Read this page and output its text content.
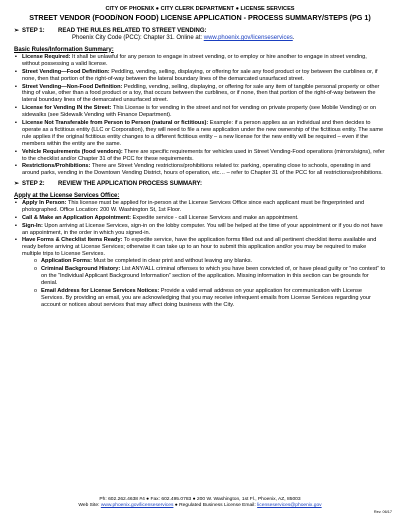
CITY OF PHOENIX ● CITY CLERK DEPARTMENT ● LICENSE SERVICES
STREET VENDOR (FOOD/NON FOOD) LICENSE APPLICATION - PROCESS SUMMARY/STEPS (PG 1)
➢ STEP 1: READ THE RULES RELATED TO STREET VENDING:
Phoenix City Code (PCC): Chapter 31. Online at: www.phoenix.gov/licenseservices.
Basic Rules/Information Summary:
▪ License Required: It shall be unlawful for any person to engage in street vending, or to employ or hire another to engage in street vending, without possessing a valid license.
▪ Street Vending—Food Definition: Peddling, vending, selling, displaying, or offering for sale any food product or toy between the curblines or, if none, then that portion of the right-of-way between the lateral boundary lines of the demarcated unsurfaced street.
▪ Street Vending—Non-Food Definition: Peddling, vending, selling, displaying, or offering for sale any item of tangible personal property or other thing of value, other than a food product or a toy, that occurs between the curblines, or if none, then that portion of the right-of-way between the lateral boundary lines of the demarcated unsurfaced street.
▪ License for Vending IN the Street: This License is for vending in the street and not for vending on private property (see Mobile Vending) or on sidewalks (see Sidewalk Vending with Finance Department).
▪ License Not Transferable from Person to Person (natural or fictitious): Example: if a person applies as an individual and then decides to operate as a fictitious entity (LLC or Corporation), they will need to file a new application under the new ownership of the fictitious entity. The same rule applies if the original fictitious entity changes to a different fictitious entity – a new license for the new entity will be required – even if the members within the entity are the same.
▪ Vehicle Requirements (food vendors): There are specific requirements for vehicles used in Street Vending-Food operations (mirrors/signs), refer to the checklist and/or Chapter 31 of the PCC for these requirements.
▪ Restrictions/Prohibitions: There are Street Vending restrictions/prohibitions related to: parking, operating close to schools, operating in and around parks, vending in the Downtown Vending District, hours of operation, etc… – refer to Chapter 31 of the PCC for all restrictions/prohibitions.
➢ STEP 2: REVIEW THE APPLICATION PROCESS SUMMARY:
Apply at the License Services Office:
▪ Apply In Person: This license must be applied for in-person at the License Services Office since each applicant must be fingerprinted and photographed. Office Location: 200 W. Washington St, 1st Floor.
▪ Call & Make an Application Appointment: Expedite service - call License Services and make an appointment.
▪ Sign-In: Upon arriving at License Services, sign-in on the lobby computer. You will be helped at the time of your appointment or if you do not have an appointment, in the order in which you signed-in.
▪ Have Forms & Checklist Items Ready: To expedite service, have the application forms filled out and all pertinent checklist items available and ready before arriving at License Services; otherwise it can take up to an hour to submit this application and/or you may be required to make multiple trips to License Services.
o Application Forms: Must be completed in clear print and without leaving any blanks.
o Criminal Background History: List ANY/ALL criminal offenses to which you have been convicted of, or have plead guilty or “no contest” to on the “Individual Applicant Background Information” section of the application. Missing information in this section can be grounds for denial.
o Email Address for License Services Notices: Provide a valid email address on your application for communication with License Services. By providing an email, you are acknowledging that you may receive infrequent emails from License Services regarding your account or notices about services that may affect doing business with the City.
Ph: 602.262.4638 #4 ● Fax: 602.495.0783 ● 200 W. Washington, 1st Fl., Phoenix, AZ, 85003
Web Site: www.phoenix.gov/licenseservices ● Regulated Business License Email: licenseservices@phoenix.gov
Rev. 06/17
